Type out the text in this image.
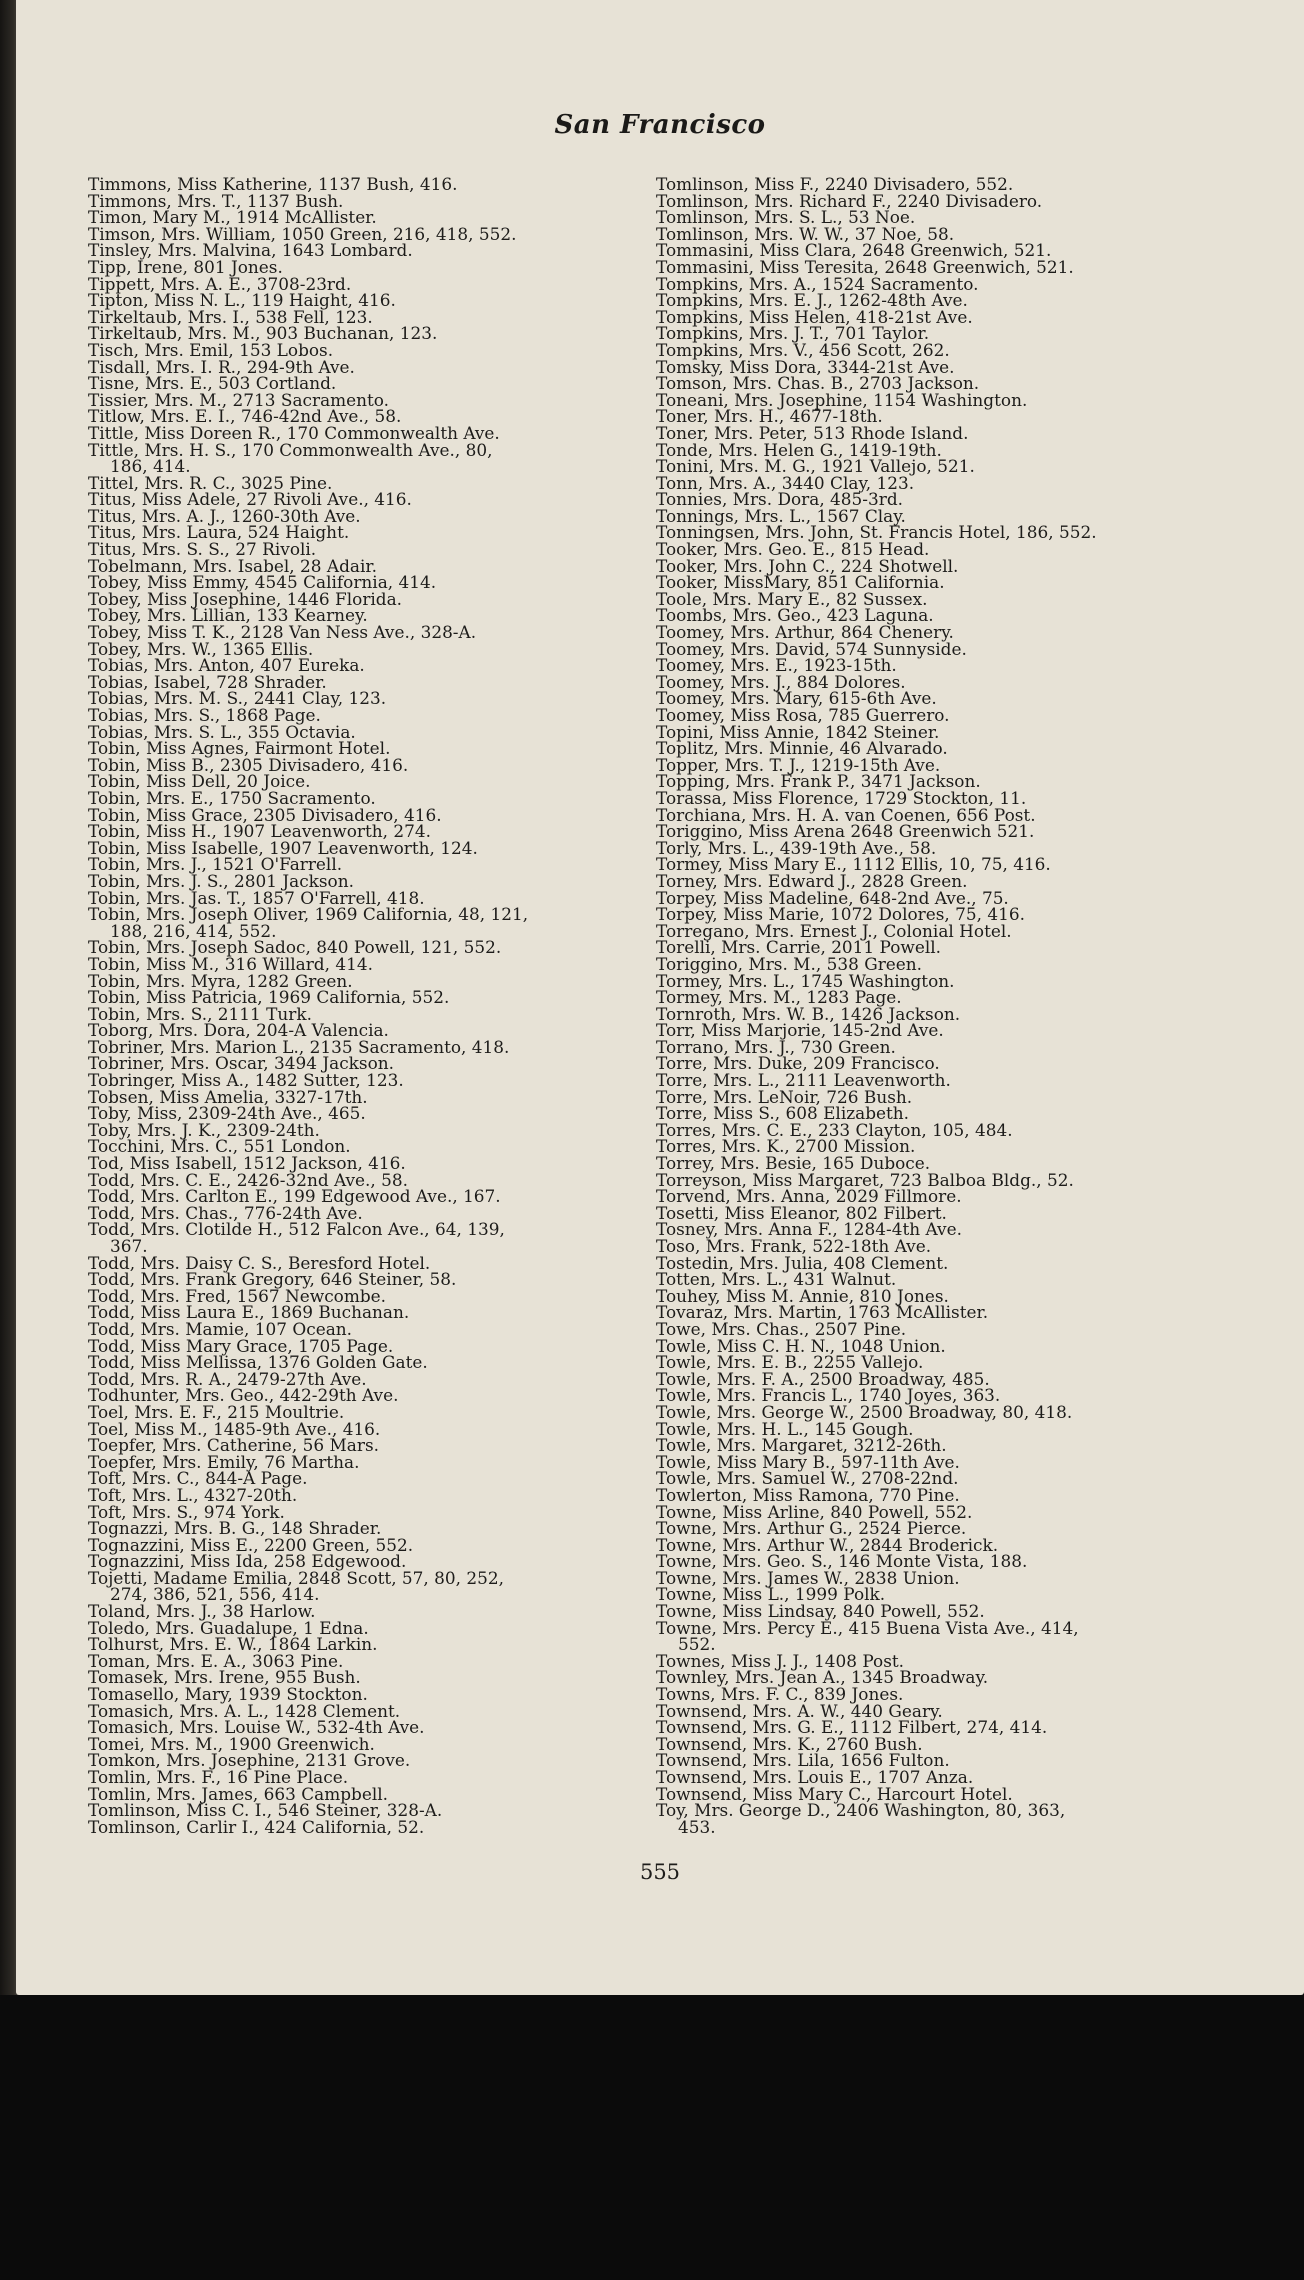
San Francisco
Timmons, Miss Katherine, 1137 Bush, 416.
Timmons, Mrs. T., 1137 Bush.
Timon, Mary M., 1914 McAllister.
Timson, Mrs. William, 1050 Green, 216, 418, 552.
Tinsley, Mrs. Malvina, 1643 Lombard.
Tipp, Irene, 801 Jones.
Tippett, Mrs. A. E., 3708-23rd.
Tipton, Miss N. L., 119 Haight, 416.
Tirkeltaub, Mrs. I., 538 Fell, 123.
Tirkeltaub, Mrs. M., 903 Buchanan, 123.
Tisch, Mrs. Emil, 153 Lobos.
Tisdall, Mrs. I. R., 294-9th Ave.
Tisne, Mrs. E., 503 Cortland.
Tissier, Mrs. M., 2713 Sacramento.
Titlow, Mrs. E. I., 746-42nd Ave., 58.
Tittle, Miss Doreen R., 170 Commonwealth Ave.
Tittle, Mrs. H. S., 170 Commonwealth Ave., 80,
186, 414.
Tittel, Mrs. R. C., 3025 Pine.
Titus, Miss Adele, 27 Rivoli Ave., 416.
Titus, Mrs. A. J., 1260-30th Ave.
Titus, Mrs. Laura, 524 Haight.
Titus, Mrs. S. S., 27 Rivoli.
Tobelmann, Mrs. Isabel, 28 Adair.
Tobey, Miss Emmy, 4545 California, 414.
Tobey, Miss Josephine, 1446 Florida.
Tobey, Mrs. Lillian, 133 Kearney.
Tobey, Miss T. K., 2128 Van Ness Ave., 328-A.
Tobey, Mrs. W., 1365 Ellis.
Tobias, Mrs. Anton, 407 Eureka.
Tobias, Isabel, 728 Shrader.
Tobias, Mrs. M. S., 2441 Clay, 123.
Tobias, Mrs. S., 1868 Page.
Tobias, Mrs. S. L., 355 Octavia.
Tobin, Miss Agnes, Fairmont Hotel.
Tobin, Miss B., 2305 Divisadero, 416.
Tobin, Miss Dell, 20 Joice.
Tobin, Mrs. E., 1750 Sacramento.
Tobin, Miss Grace, 2305 Divisadero, 416.
Tobin, Miss H., 1907 Leavenworth, 274.
Tobin, Miss Isabelle, 1907 Leavenworth, 124.
Tobin, Mrs. J., 1521 O'Farrell.
Tobin, Mrs. J. S., 2801 Jackson.
Tobin, Mrs. Jas. T., 1857 O'Farrell, 418.
Tobin, Mrs. Joseph Oliver, 1969 California, 48, 121,
188, 216, 414, 552.
Tobin, Mrs. Joseph Sadoc, 840 Powell, 121, 552.
Tobin, Miss M., 316 Willard, 414.
Tobin, Mrs. Myra, 1282 Green.
Tobin, Miss Patricia, 1969 California, 552.
Tobin, Mrs. S., 2111 Turk.
Toborg, Mrs. Dora, 204-A Valencia.
Tobriner, Mrs. Marion L., 2135 Sacramento, 418.
Tobriner, Mrs. Oscar, 3494 Jackson.
Tobringer, Miss A., 1482 Sutter, 123.
Tobsen, Miss Amelia, 3327-17th.
Toby, Miss, 2309-24th Ave., 465.
Toby, Mrs. J. K., 2309-24th.
Tocchini, Mrs. C., 551 London.
Tod, Miss Isabell, 1512 Jackson, 416.
Todd, Mrs. C. E., 2426-32nd Ave., 58.
Todd, Mrs. Carlton E., 199 Edgewood Ave., 167.
Todd, Mrs. Chas., 776-24th Ave.
Todd, Mrs. Clotilde H., 512 Falcon Ave., 64, 139,
367.
Todd, Mrs. Daisy C. S., Beresford Hotel.
Todd, Mrs. Frank Gregory, 646 Steiner, 58.
Todd, Mrs. Fred, 1567 Newcombe.
Todd, Miss Laura E., 1869 Buchanan.
Todd, Mrs. Mamie, 107 Ocean.
Todd, Miss Mary Grace, 1705 Page.
Todd, Miss Mellissa, 1376 Golden Gate.
Todd, Mrs. R. A., 2479-27th Ave.
Todhunter, Mrs. Geo., 442-29th Ave.
Toel, Mrs. E. F., 215 Moultrie.
Toel, Miss M., 1485-9th Ave., 416.
Toepfer, Mrs. Catherine, 56 Mars.
Toepfer, Mrs. Emily, 76 Martha.
Toft, Mrs. C., 844-A Page.
Toft, Mrs. L., 4327-20th.
Toft, Mrs. S., 974 York.
Tognazzi, Mrs. B. G., 148 Shrader.
Tognazzini, Miss E., 2200 Green, 552.
Tognazzini, Miss Ida, 258 Edgewood.
Tojetti, Madame Emilia, 2848 Scott, 57, 80, 252,
274, 386, 521, 556, 414.
Toland, Mrs. J., 38 Harlow.
Toledo, Mrs. Guadalupe, 1 Edna.
Tolhurst, Mrs. E. W., 1864 Larkin.
Toman, Mrs. E. A., 3063 Pine.
Tomasek, Mrs. Irene, 955 Bush.
Tomasello, Mary, 1939 Stockton.
Tomasich, Mrs. A. L., 1428 Clement.
Tomasich, Mrs. Louise W., 532-4th Ave.
Tomei, Mrs. M., 1900 Greenwich.
Tomkon, Mrs. Josephine, 2131 Grove.
Tomlin, Mrs. F., 16 Pine Place.
Tomlin, Mrs. James, 663 Campbell.
Tomlinson, Miss C. I., 546 Steiner, 328-A.
Tomlinson, Carlir I., 424 California, 52.
Tomlinson, Miss F., 2240 Divisadero, 552.
Tomlinson, Mrs. Richard F., 2240 Divisadero.
Tomlinson, Mrs. S. L., 53 Noe.
Tomlinson, Mrs. W. W., 37 Noe, 58.
Tommasini, Miss Clara, 2648 Greenwich, 521.
Tommasini, Miss Teresita, 2648 Greenwich, 521.
Tompkins, Mrs. A., 1524 Sacramento.
Tompkins, Mrs. E. J., 1262-48th Ave.
Tompkins, Miss Helen, 418-21st Ave.
Tompkins, Mrs. J. T., 701 Taylor.
Tompkins, Mrs. V., 456 Scott, 262.
Tomsky, Miss Dora, 3344-21st Ave.
Tomson, Mrs. Chas. B., 2703 Jackson.
Toneani, Mrs. Josephine, 1154 Washington.
Toner, Mrs. H., 4677-18th.
Toner, Mrs. Peter, 513 Rhode Island.
Tonde, Mrs. Helen G., 1419-19th.
Tonini, Mrs. M. G., 1921 Vallejo, 521.
Tonn, Mrs. A., 3440 Clay, 123.
Tonnies, Mrs. Dora, 485-3rd.
Tonnings, Mrs. L., 1567 Clay.
Tonningsen, Mrs. John, St. Francis Hotel, 186, 552.
Tooker, Mrs. Geo. E., 815 Head.
Tooker, Mrs. John C., 224 Shotwell.
Tooker, MissMary, 851 California.
Toole, Mrs. Mary E., 82 Sussex.
Toombs, Mrs. Geo., 423 Laguna.
Toomey, Mrs. Arthur, 864 Chenery.
Toomey, Mrs. David, 574 Sunnyside.
Toomey, Mrs. E., 1923-15th.
Toomey, Mrs. J., 884 Dolores.
Toomey, Mrs. Mary, 615-6th Ave.
Toomey, Miss Rosa, 785 Guerrero.
Topini, Miss Annie, 1842 Steiner.
Toplitz, Mrs. Minnie, 46 Alvarado.
Topper, Mrs. T. J., 1219-15th Ave.
Topping, Mrs. Frank P., 3471 Jackson.
Torassa, Miss Florence, 1729 Stockton, 11.
Torchiana, Mrs. H. A. van Coenen, 656 Post.
Toriggino, Miss Arena 2648 Greenwich 521.
Torly, Mrs. L., 439-19th Ave., 58.
Tormey, Miss Mary E., 1112 Ellis, 10, 75, 416.
Torney, Mrs. Edward J., 2828 Green.
Torpey, Miss Madeline, 648-2nd Ave., 75.
Torpey, Miss Marie, 1072 Dolores, 75, 416.
Torregano, Mrs. Ernest J., Colonial Hotel.
Torelli, Mrs. Carrie, 2011 Powell.
Toriggino, Mrs. M., 538 Green.
Tormey, Mrs. L., 1745 Washington.
Tormey, Mrs. M., 1283 Page.
Tornroth, Mrs. W. B., 1426 Jackson.
Torr, Miss Marjorie, 145-2nd Ave.
Torrano, Mrs. J., 730 Green.
Torre, Mrs. Duke, 209 Francisco.
Torre, Mrs. L., 2111 Leavenworth.
Torre, Mrs. LeNoir, 726 Bush.
Torre, Miss S., 608 Elizabeth.
Torres, Mrs. C. E., 233 Clayton, 105, 484.
Torres, Mrs. K., 2700 Mission.
Torrey, Mrs. Besie, 165 Duboce.
Torreyson, Miss Margaret, 723 Balboa Bldg., 52.
Torvend, Mrs. Anna, 2029 Fillmore.
Tosetti, Miss Eleanor, 802 Filbert.
Tosney, Mrs. Anna F., 1284-4th Ave.
Toso, Mrs. Frank, 522-18th Ave.
Tostedin, Mrs. Julia, 408 Clement.
Totten, Mrs. L., 431 Walnut.
Touhey, Miss M. Annie, 810 Jones.
Tovaraz, Mrs. Martin, 1763 McAllister.
Towe, Mrs. Chas., 2507 Pine.
Towle, Miss C. H. N., 1048 Union.
Towle, Mrs. E. B., 2255 Vallejo.
Towle, Mrs. F. A., 2500 Broadway, 485.
Towle, Mrs. Francis L., 1740 Joyes, 363.
Towle, Mrs. George W., 2500 Broadway, 80, 418.
Towle, Mrs. H. L., 145 Gough.
Towle, Mrs. Margaret, 3212-26th.
Towle, Miss Mary B., 597-11th Ave.
Towle, Mrs. Samuel W., 2708-22nd.
Towlerton, Miss Ramona, 770 Pine.
Towne, Miss Arline, 840 Powell, 552.
Towne, Mrs. Arthur G., 2524 Pierce.
Towne, Mrs. Arthur W., 2844 Broderick.
Towne, Mrs. Geo. S., 146 Monte Vista, 188.
Towne, Mrs. James W., 2838 Union.
Towne, Miss L., 1999 Polk.
Towne, Miss Lindsay, 840 Powell, 552.
Towne, Mrs. Percy E., 415 Buena Vista Ave., 414,
552.
Townes, Miss J. J., 1408 Post.
Townley, Mrs. Jean A., 1345 Broadway.
Towns, Mrs. F. C., 839 Jones.
Townsend, Mrs. A. W., 440 Geary.
Townsend, Mrs. G. E., 1112 Filbert, 274, 414.
Townsend, Mrs. K., 2760 Bush.
Townsend, Mrs. Lila, 1656 Fulton.
Townsend, Mrs. Louis E., 1707 Anza.
Townsend, Miss Mary C., Harcourt Hotel.
Toy, Mrs. George D., 2406 Washington, 80, 363,
453.
555
